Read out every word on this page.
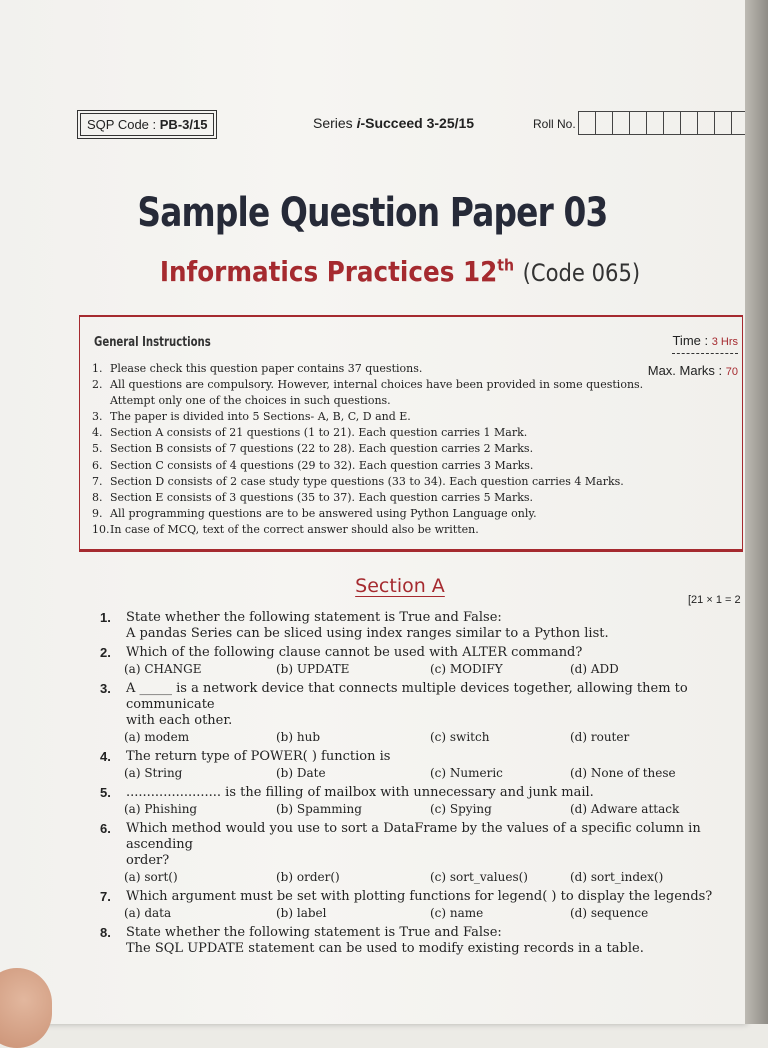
SQP Code : PB-3/15	Series i-Succeed 3-25/15	Roll No.
Sample Question Paper 03
Informatics Practices 12th (Code 065)
General Instructions	Time : 3 Hrs
Max. Marks : 70
1. Please check this question paper contains 37 questions.
2. All questions are compulsory. However, internal choices have been provided in some questions.
Attempt only one of the choices in such questions.
3. The paper is divided into 5 Sections- A, B, C, D and E.
4. Section A consists of 21 questions (1 to 21). Each question carries 1 Mark.
5. Section B consists of 7 questions (22 to 28). Each question carries 2 Marks.
6. Section C consists of 4 questions (29 to 32). Each question carries 3 Marks.
7. Section D consists of 2 case study type questions (33 to 34). Each question carries 4 Marks.
8. Section E consists of 3 questions (35 to 37). Each question carries 5 Marks.
9. All programming questions are to be answered using Python Language only.
10. In case of MCQ, text of the correct answer should also be written.
Section A
[21 × 1 = 2
1. State whether the following statement is True and False:
A pandas Series can be sliced using index ranges similar to a Python list.
2. Which of the following clause cannot be used with ALTER command?
(a) CHANGE	(b) UPDATE	(c) MODIFY	(d) ADD
3. A _____ is a network device that connects multiple devices together, allowing them to communicate
with each other.
(a) modem	(b) hub	(c) switch	(d) router
4. The return type of POWER( ) function is
(a) String	(b) Date	(c) Numeric	(d) None of these
5. ....................... is the filling of mailbox with unnecessary and junk mail.
(a) Phishing	(b) Spamming	(c) Spying	(d) Adware attack
6. Which method would you use to sort a DataFrame by the values of a specific column in ascending
order?
(a) sort()	(b) order()	(c) sort_values()	(d) sort_index()
7. Which argument must be set with plotting functions for legend( ) to display the legends?
(a) data	(b) label	(c) name	(d) sequence
8. State whether the following statement is True and False:
The SQL UPDATE statement can be used to modify existing records in a table.
